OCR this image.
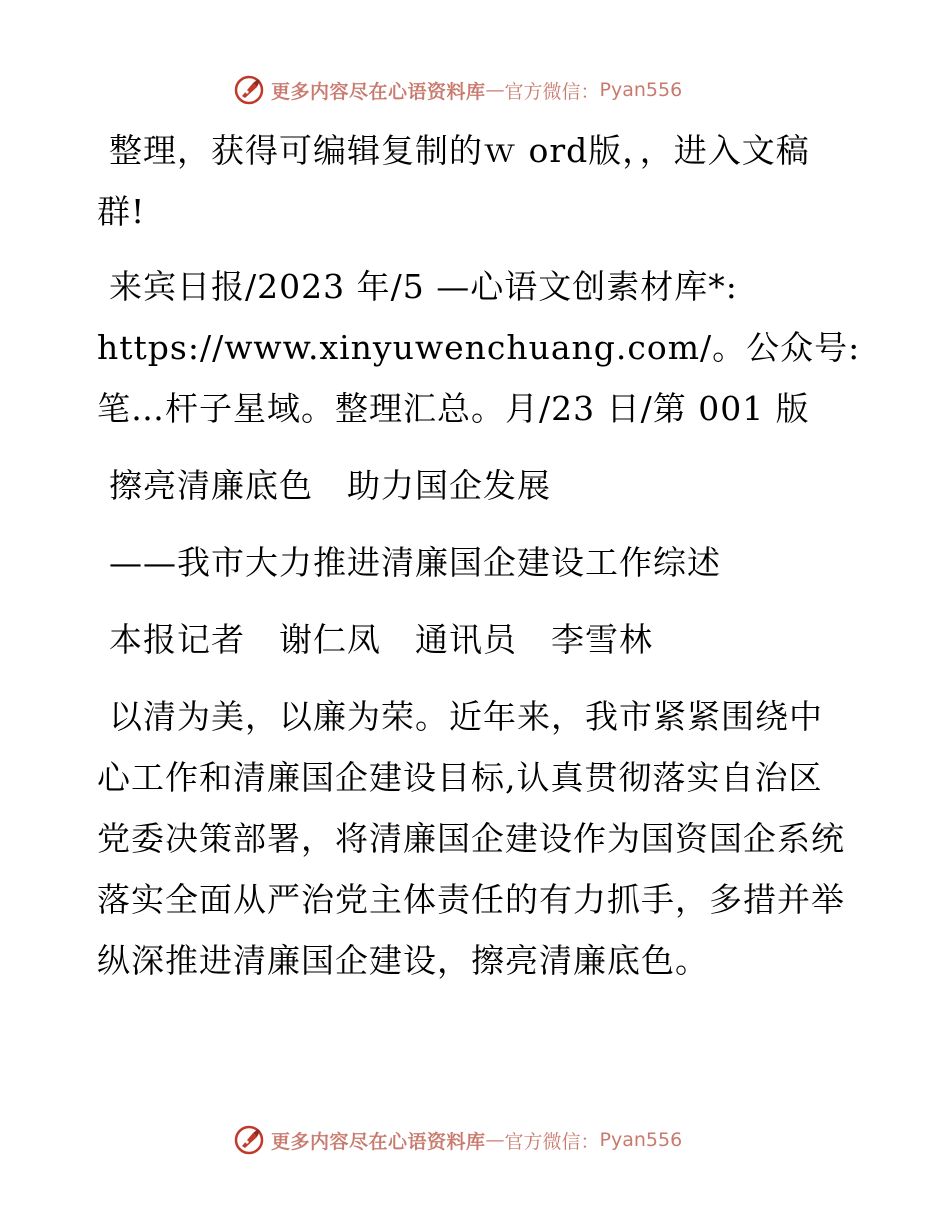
更多内容尽在心语资料库 — 官方微信： Pyan556
整理，获得可编辑复制的ｗ ord版，，进入文稿
群!
来宾日报/2023 年/5 —心语文创素材库*:
https://www.xinyuwenchuang.com/。公众号:
笔…杆子星域。整理汇总。月/23 日/第 001 版
擦亮清廉底色　助力国企发展
——我市大力推进清廉国企建设工作综述
本报记者　谢仁凤　通讯员　李雪林
以清为美，以廉为荣。近年来，我市紧紧围绕中
心工作和清廉国企建设目标,认真贯彻落实自治区
党委决策部署，将清廉国企建设作为国资国企系统
落实全面从严治党主体责任的有力抓手，多措并举
纵深推进清廉国企建设，擦亮清廉底色。
更多内容尽在心语资料库 — 官方微信： Pyan556
